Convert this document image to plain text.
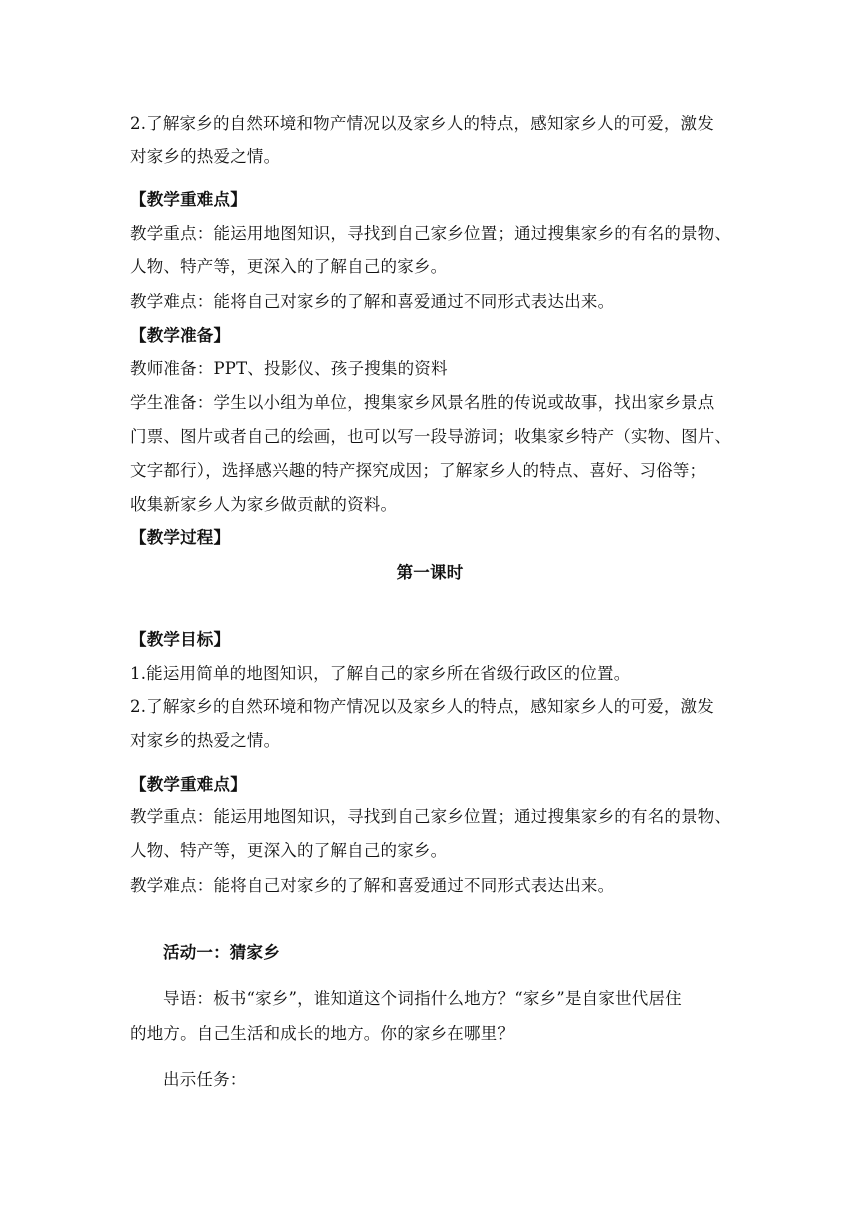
2.了解家乡的自然环境和物产情况以及家乡人的特点，感知家乡人的可爱，激发
对家乡的热爱之情。
【教学重难点】
教学重点：能运用地图知识，寻找到自己家乡位置；通过搜集家乡的有名的景物、
人物、特产等，更深入的了解自己的家乡。
教学难点：能将自己对家乡的了解和喜爱通过不同形式表达出来。
【教学准备】
教师准备：PPT、投影仪、孩子搜集的资料
学生准备：学生以小组为单位，搜集家乡风景名胜的传说或故事，找出家乡景点
门票、图片或者自己的绘画，也可以写一段导游词；收集家乡特产（实物、图片、
文字都行），选择感兴趣的特产探究成因；了解家乡人的特点、喜好、习俗等；
收集新家乡人为家乡做贡献的资料。
【教学过程】
第一课时
【教学目标】
1.能运用简单的地图知识，了解自己的家乡所在省级行政区的位置。
2.了解家乡的自然环境和物产情况以及家乡人的特点，感知家乡人的可爱，激发
对家乡的热爱之情。
【教学重难点】
教学重点：能运用地图知识，寻找到自己家乡位置；通过搜集家乡的有名的景物、
人物、特产等，更深入的了解自己的家乡。
教学难点：能将自己对家乡的了解和喜爱通过不同形式表达出来。
活动一：猜家乡
导语：板书“家乡”，谁知道这个词指什么地方？“家乡”是自家世代居住
的地方。自己生活和成长的地方。你的家乡在哪里？
出示任务：
